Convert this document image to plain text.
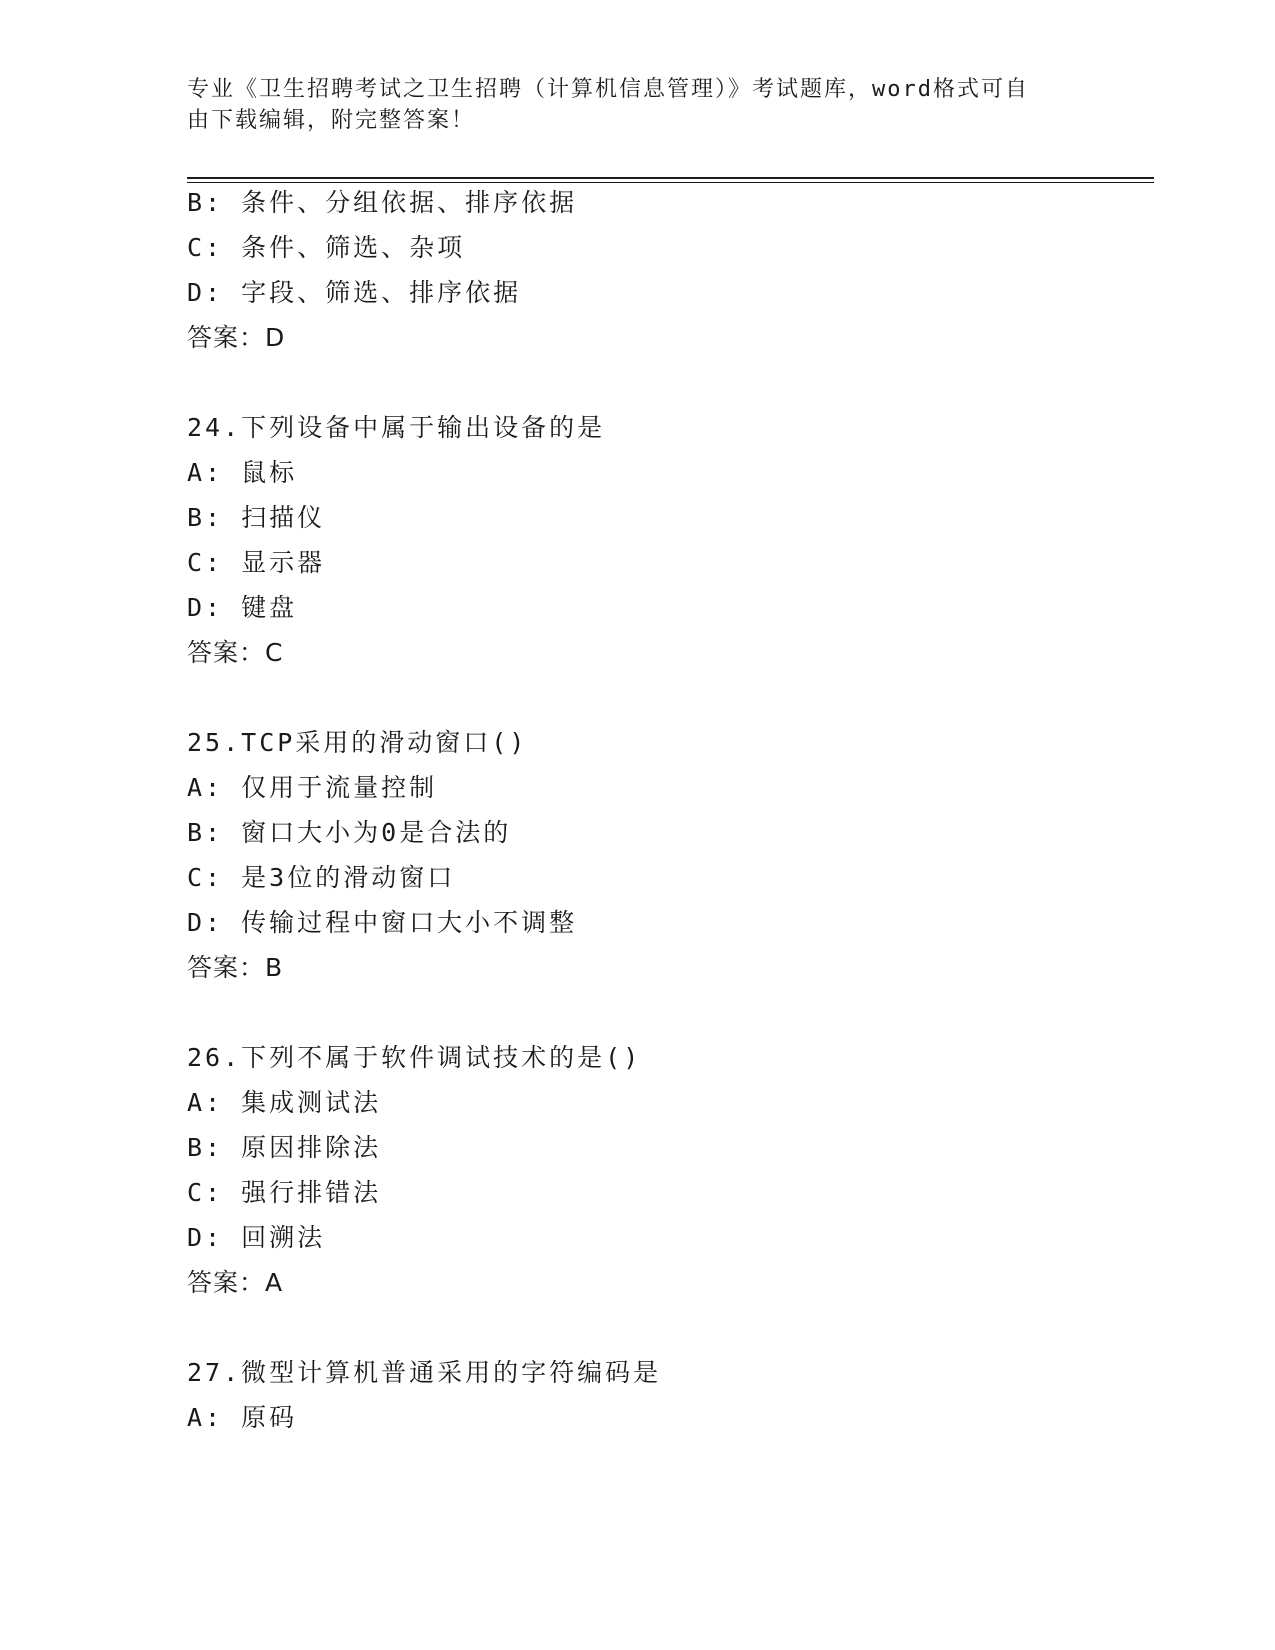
专业《卫生招聘考试之卫生招聘（计算机信息管理）》考试题库，word格式可自
由下载编辑，附完整答案！
B: 条件、分组依据、排序依据
C: 条件、筛选、杂项
D: 字段、筛选、排序依据
答案：D
24.下列设备中属于输出设备的是
A: 鼠标
B: 扫描仪
C: 显示器
D: 键盘
答案：C
25.TCP采用的滑动窗口()
A: 仅用于流量控制
B: 窗口大小为0是合法的
C: 是3位的滑动窗口
D: 传输过程中窗口大小不调整
答案：B
26.下列不属于软件调试技术的是()
A: 集成测试法
B: 原因排除法
C: 强行排错法
D: 回溯法
答案：A
27.微型计算机普通采用的字符编码是
A: 原码
